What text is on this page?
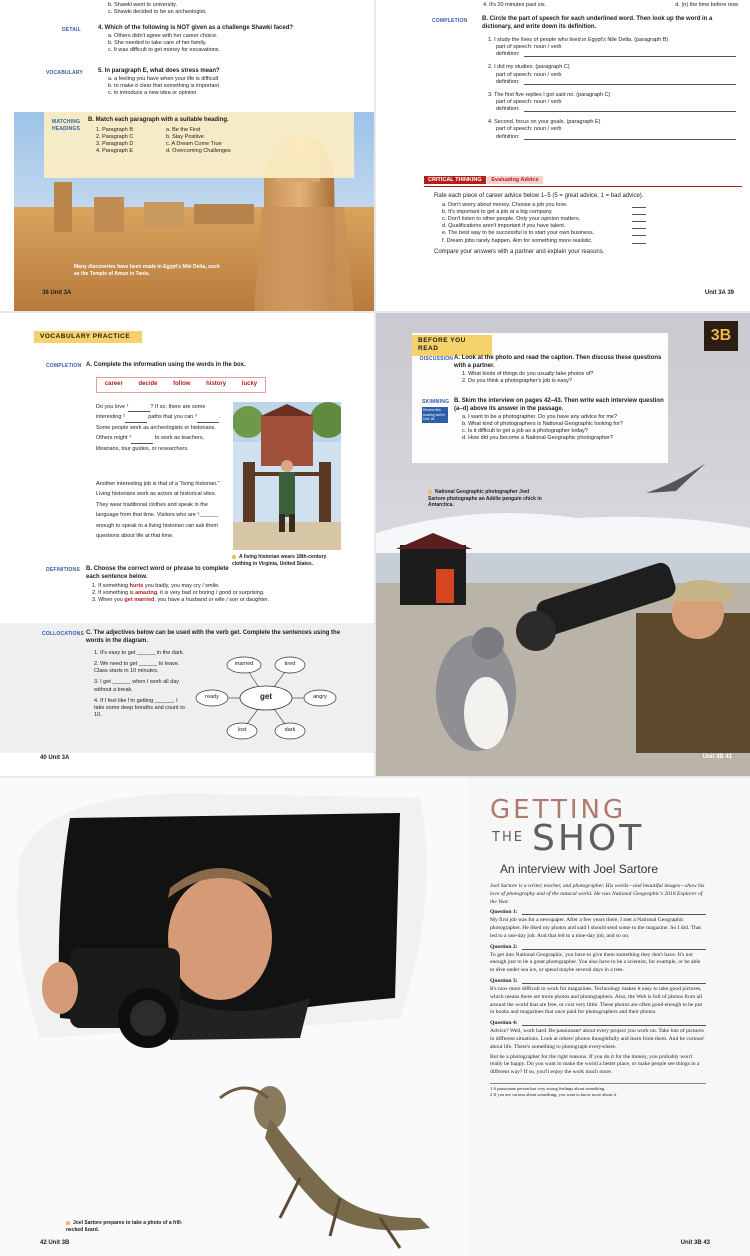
b. Shawki went to university.
c. Shawki decided to be an archeologist.
DETAIL	4. Which of the following is NOT given as a challenge Shawki faced?
a. Others didn't agree with her career choice.
b. She needed to take care of her family.
c. It was difficult to get money for excavations.
VOCABULARY 5. In paragraph E, what does stress mean?
a. a feeling you have when your life is difficult
b. to make it clear that something is important
c. to introduce a new idea or opinion
MATCHING HEADINGS
B. Match each paragraph with a suitable heading.
1. Paragraph B
2. Paragraph C
3. Paragraph D
4. Paragraph E
a. Be the First
b. Stay Positive
c. A Dream Come True
d. Overcoming Challenges
Many discoveries have been made in Egypt's Nile Delta, such as the Temple of Amun in Tanis.
38 Unit 3A
4. It's 20 minutes past six.	d. (n) the time before now
COMPLETION B. Circle the part of speech for each underlined word. Then look up the word in a dictionary, and write down its definition.
1. I study the lives of people who lived in Egypt's Nile Delta. (paragraph B)
part of speech: noun / verb
definition:
2. I did my studies. (paragraph C)
part of speech: noun / verb
definition:
3. The first five replies I got said no. (paragraph C)
part of speech: noun / verb
definition:
4. Second, focus on your goals. (paragraph E)
part of speech: noun / verb
definition:
CRITICAL THINKING Evaluating Advice
Rate each piece of career advice below 1–5 (5 = great advice, 1 = bad advice).
a. Don't worry about money. Choose a job you love.
b. It's important to get a job at a big company.
c. Don't listen to other people. Only your opinion matters.
d. Qualifications aren't important if you have talent.
e. The best way to be successful is to start your own business.
f. Dream jobs rarely happen. Aim for something more realistic.
Compare your answers with a partner and explain your reasons.
Unit 3A 39
VOCABULARY PRACTICE
COMPLETION A. Complete the information using the words in the box.
career	decide	follow	history	lucky
Do you love ¹	? If so, there are some interesting ²	paths that you can ³	. Some people work as archeologists or historians. Others might ⁴	to work as teachers, librarians, tour guides, or researchers.
Another interesting job is that of a “living historian.” Living historians work as actors at historical sites. They wear traditional clothes and speak in the language from that time. Visitors who are ⁵______ enough to speak to a living historian can ask them questions about life at that time.
A living historian wears 18th-century clothing in Virginia, United States.
DEFINITIONS B. Choose the correct word or phrase to complete each sentence below.
1. If something hurts you badly, you may cry / smile.
2. If something is amazing, it is very bad or boring / good or surprising.
3. When you get married, you have a husband or wife / son or daughter.
COLLOCATIONS C. The adjectives below can be used with the verb get. Complete the sentences using the words in the diagram.
1. It's easy to get ______ in the dark.
2. We need to get ______ to leave. Class starts in 10 minutes.
3. I get ______ when I work all day without a break.
4. If I feel like I'm getting ______, I take some deep breaths and count to 10.
get
married	tired
angry
dark
lost
ready
40 Unit 3A
BEFORE YOU READ
3B
DISCUSSION A. Look at the photo and read the caption. Then discuss these questions with a partner.
1. What kinds of things do you usually take photos of?
2. Do you think a photographer's job is easy?
SKIMMING
Review this reading skill in Unit 1B
B. Skim the interview on pages 42–43. Then write each interview question (a–d) above its answer in the passage.
a. I want to be a photographer. Do you have any advice for me?
b. What kind of photographers is National Geographic looking for?
c. Is it difficult to get a job as a photographer today?
d. How did you become a National Geographic photographer?
National Geographic photographer Joel Sartore photographs an Adélie penguin chick in Antarctica.
Unit 3B 41
Joel Sartore prepares to take a photo of a frill-necked lizard.
42 Unit 3B
GETTING
THE SHOT
An interview with Joel Sartore
Joel Sartore is a writer, teacher, and photographer. His words—and beautiful images—show his love of photography and of the natural world. He was National Geographic's 2018 Explorer of the Year.
Question 1:
My first job was for a newspaper. After a few years there, I met a National Geographic photographer. He liked my photos and said I should send some to the magazine. So I did. That led to a one-day job. And that led to a nine-day job, and so on.
Question 2:
To get into National Geographic, you have to give them something they don't have. It's not enough just to be a great photographer. You also have to be a scientist, for example, or be able to dive under sea ice, or spend maybe several days in a tree.
Question 3:
It's now more difficult to work for magazines. Technology makes it easy to take good pictures, which means there are more photos and photographers. Also, the Web is full of photos from all around the world that are free, or cost very little. These photos are often good enough to be put in books and magazines that once paid for photographers and their photos.
Question 4:
Advice? Well, work hard. Be passionate¹ about every project you work on. Take lots of pictures in different situations. Look at others' photos thoughtfully and learn from them. And be curious² about life. There's something to photograph everywhere.
But be a photographer for the right reasons. If you do it for the money, you probably won't really be happy. Do you want to make the world a better place, or make people see things in a different way? If so, you'll enjoy the work much more.
1 A passionate person has very strong feelings about something.
2 If you are curious about something, you want to know more about it.
Unit 3B 43
